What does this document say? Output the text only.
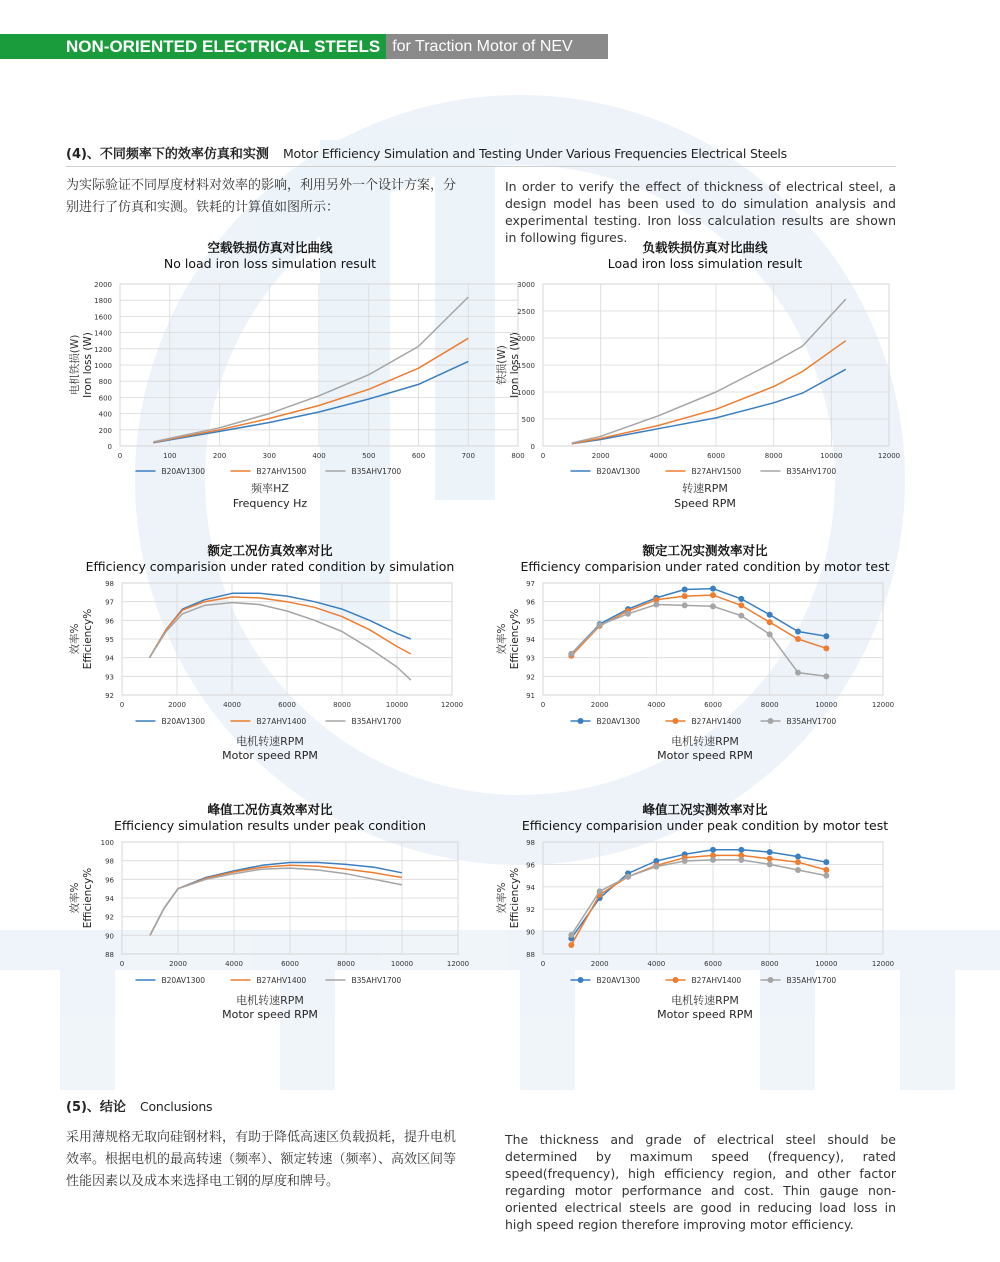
NON-ORIENTED ELECTRICAL STEELS for Traction Motor of NEV
(4)、不同频率下的效率仿真和实测 Motor Efficiency Simulation and Testing Under Various Frequencies Electrical Steels
为实际验证不同厚度材料对效率的影响，利用另外一个设计方案，分别进行了仿真和实测。铁耗的计算值如图所示：
In order to verify the effect of thickness of electrical steel, a design model has been used to do simulation analysis and experimental testing. Iron loss calculation results are shown in following figures.
空载铁损仿真对比曲线
No load iron loss simulation result
0
200
400
600
800
1000
1200
1400
1600
1800
2000
0	100	200	300	400	500	600	700	800
B20AV1300	B27AHV1500	B35AHV1700
频率HZ
Frequency Hz
电机铁损(W) Iron loss (W)
负载铁损仿真对比曲线
Load iron loss simulation result
0
500
1000
1500
2000
2500
3000
0	2000	4000	6000	8000	10000	12000
B20AV1300	B27AHV1500	B35AHV1700
转速RPM
Speed RPM
铁损(W) Iron loss (W)
额定工况仿真效率对比
Efficiency comparision under rated condition by simulation
92
93
94
95
96
97
98
0	2000	4000	6000	8000	10000	12000
B20AV1300	B27AHV1400	B35AHV1700
电机转速RPM
Motor speed RPM
效率% Efficiency%
额定工况实测效率对比
Efficiency comparision under rated condition by motor test
91
92
93
94
95
96
97
0	2000	4000	6000	8000	10000	12000
B20AV1300	B27AHV1400	B35AHV1700
电机转速RPM
Motor speed RPM
效率% Efficiency%
峰值工况仿真效率对比
Efficiency simulation results under peak condition
88
90
92
94
96
98
100
0	2000	4000	6000	8000	10000	12000
B20AV1300	B27AHV1400	B35AHV1700
电机转速RPM
Motor speed RPM
效率% Efficiency%
峰值工况实测效率对比
Efficiency comparision under peak condition by motor test
88
90
92
94
96
98
0	2000	4000	6000	8000	10000	12000
B20AV1300	B27AHV1400	B35AHV1700
电机转速RPM
Motor speed RPM
效率% Efficiency%
(5)、结论 Conclusions
采用薄规格无取向硅钢材料，有助于降低高速区负载损耗，提升电机效率。根据电机的最高转速（频率）、额定转速（频率）、高效区间等性能因素以及成本来选择电工钢的厚度和牌号。
The thickness and grade of electrical steel should be determined by maximum speed (frequency), rated speed(frequency), high efficiency region, and other factor regarding motor performance and cost. Thin gauge non-oriented electrical steels are good in reducing load loss in high speed region therefore improving motor efficiency.
